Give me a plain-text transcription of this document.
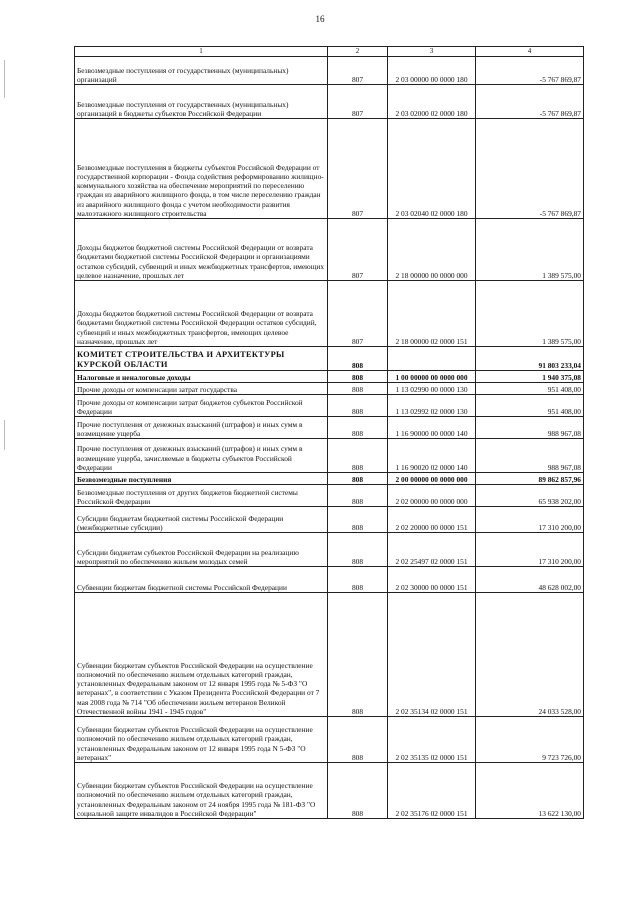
16
1	2	3	4
Безвозмездные поступления от государственных (муниципальных) организаций	807	2 03 00000 00 0000 180	-5 767 869,87
Безвозмездные поступления от государственных (муниципальных) организаций в бюджеты субъектов Российской Федерации	807	2 03 02000 02 0000 180	-5 767 869,87
Безвозмездные поступления в бюджеты субъектов Российской Федерации от государственной корпорации - Фонда содействия реформированию жилищно-коммунального хозяйства на обеспечение мероприятий по переселению граждан из аварийного жилищного фонда, в том числе переселению граждан из аварийного жилищного фонда с учетом необходимости развития малоэтажного жилищного строительства	807	2 03 02040 02 0000 180	-5 767 869,87
Доходы бюджетов бюджетной системы Российской Федерации от возврата бюджетами бюджетной системы Российской Федерации и организациями остатков субсидий, субвенций и иных межбюджетных трансфертов, имеющих целевое назначение, прошлых лет	807	2 18 00000 00 0000 000	1 389 575,00
Доходы бюджетов бюджетной системы Российской Федерации от возврата бюджетами бюджетной системы Российской Федерации остатков субсидий, субвенций и иных межбюджетных трансфертов, имеющих целевое назначение, прошлых лет	807	2 18 00000 02 0000 151	1 389 575,00
КОМИТЕТ СТРОИТЕЛЬСТВА И АРХИТЕКТУРЫ КУРСКОЙ ОБЛАСТИ	808		91 803 233,04
Налоговые и неналоговые доходы	808	1 00 00000 00 0000 000	1 940 375,08
Прочие доходы от компенсации затрат государства	808	1 13 02990 00 0000 130	951 408,00
Прочие доходы от компенсации затрат бюджетов субъектов Российской Федерации	808	1 13 02992 02 0000 130	951 408,00
Прочие поступления от денежных взысканий (штрафов) и иных сумм в возмещение ущерба	808	1 16 90000 00 0000 140	988 967,08
Прочие поступления от денежных взысканий (штрафов) и иных сумм в возмещение ущерба, зачисляемые в бюджеты субъектов Российской Федерации	808	1 16 90020 02 0000 140	988 967,08
Безвозмездные поступления	808	2 00 00000 00 0000 000	89 862 857,96
Безвозмездные поступления от других бюджетов бюджетной системы Российской Федерации	808	2 02 00000 00 0000 000	65 938 202,00
Субсидии бюджетам бюджетной системы Российской Федерации (межбюджетные субсидии)	808	2 02 20000 00 0000 151	17 310 200,00
Субсидии бюджетам субъектов Российской Федерации на реализацию мероприятий по обеспечению жильем молодых семей	808	2 02 25497 02 0000 151	17 310 200,00
Субвенции бюджетам бюджетной системы Российской Федерации	808	2 02 30000 00 0000 151	48 628 002,00
Субвенции бюджетам субъектов Российской Федерации на осуществление полномочий по обеспечению жильем отдельных категорий граждан, установленных Федеральным законом от 12 января 1995 года № 5-ФЗ "О ветеранах", в соответствии с Указом Президента Российской Федерации от 7 мая 2008 года № 714 "Об обеспечении жильем ветеранов Великой Отечественной войны 1941 - 1945 годов"	808	2 02 35134 02 0000 151	24 033 528,00
Субвенции бюджетам субъектов Российской Федерации на осуществление полномочий по обеспечению жильем отдельных категорий граждан, установленных Федеральным законом от 12 января 1995 года N 5-ФЗ "О ветеранах"	808	2 02 35135 02 0000 151	9 723 726,00
Субвенции бюджетам субъектов Российской Федерации на осуществление полномочий по обеспечению жильем отдельных категорий граждан, установленных Федеральным законом от 24 ноября 1995 года № 181-ФЗ "О социальной защите инвалидов в Российской Федерации"	808	2 02 35176 02 0000 151	13 622 130,00
